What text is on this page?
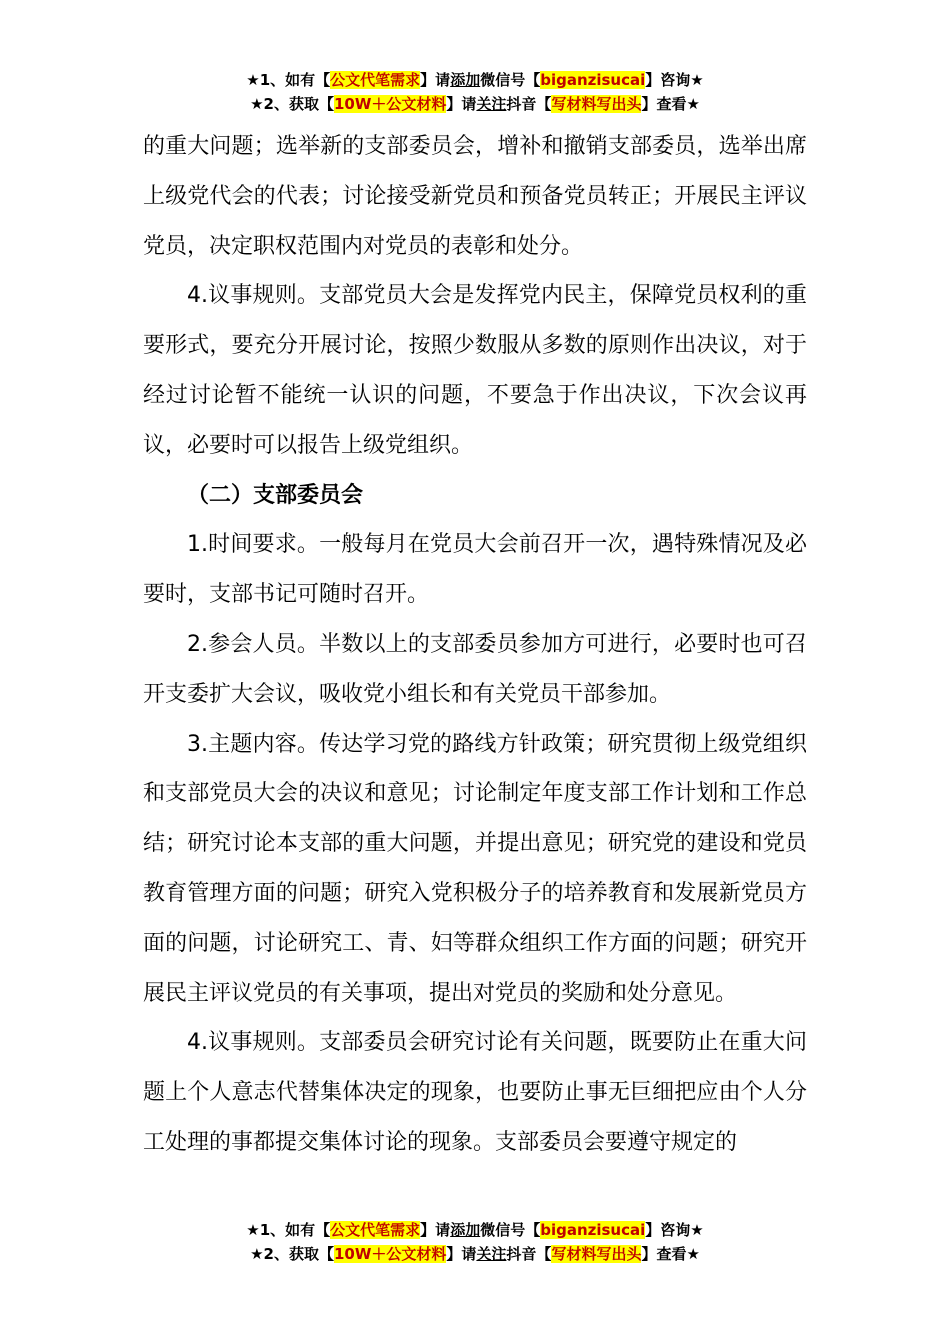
★1、如有【公文代笔需求】请添加微信号【biganzisucai】咨询★
★2、获取【10W＋公文材料】请关注抖音【写材料写出头】查看★

的重大问题；选举新的支部委员会，增补和撤销支部委员，选举出席上级党代会的代表；讨论接受新党员和预备党员转正；开展民主评议党员，决定职权范围内对党员的表彰和处分。

4.议事规则。支部党员大会是发挥党内民主，保障党员权利的重要形式，要充分开展讨论，按照少数服从多数的原则作出决议，对于经过讨论暂不能统一认识的问题，不要急于作出决议，下次会议再议，必要时可以报告上级党组织。

（二）支部委员会

1.时间要求。一般每月在党员大会前召开一次，遇特殊情况及必要时，支部书记可随时召开。

2.参会人员。半数以上的支部委员参加方可进行，必要时也可召开支委扩大会议，吸收党小组长和有关党员干部参加。

3.主题内容。传达学习党的路线方针政策；研究贯彻上级党组织和支部党员大会的决议和意见；讨论制定年度支部工作计划和工作总结；研究讨论本支部的重大问题，并提出意见；研究党的建设和党员教育管理方面的问题；研究入党积极分子的培养教育和发展新党员方面的问题，讨论研究工、青、妇等群众组织工作方面的问题；研究开展民主评议党员的有关事项，提出对党员的奖励和处分意见。

4.议事规则。支部委员会研究讨论有关问题，既要防止在重大问题上个人意志代替集体决定的现象，也要防止事无巨细把应由个人分工处理的事都提交集体讨论的现象。支部委员会要遵守规定的

★1、如有【公文代笔需求】请添加微信号【biganzisucai】咨询★
★2、获取【10W＋公文材料】请关注抖音【写材料写出头】查看★
